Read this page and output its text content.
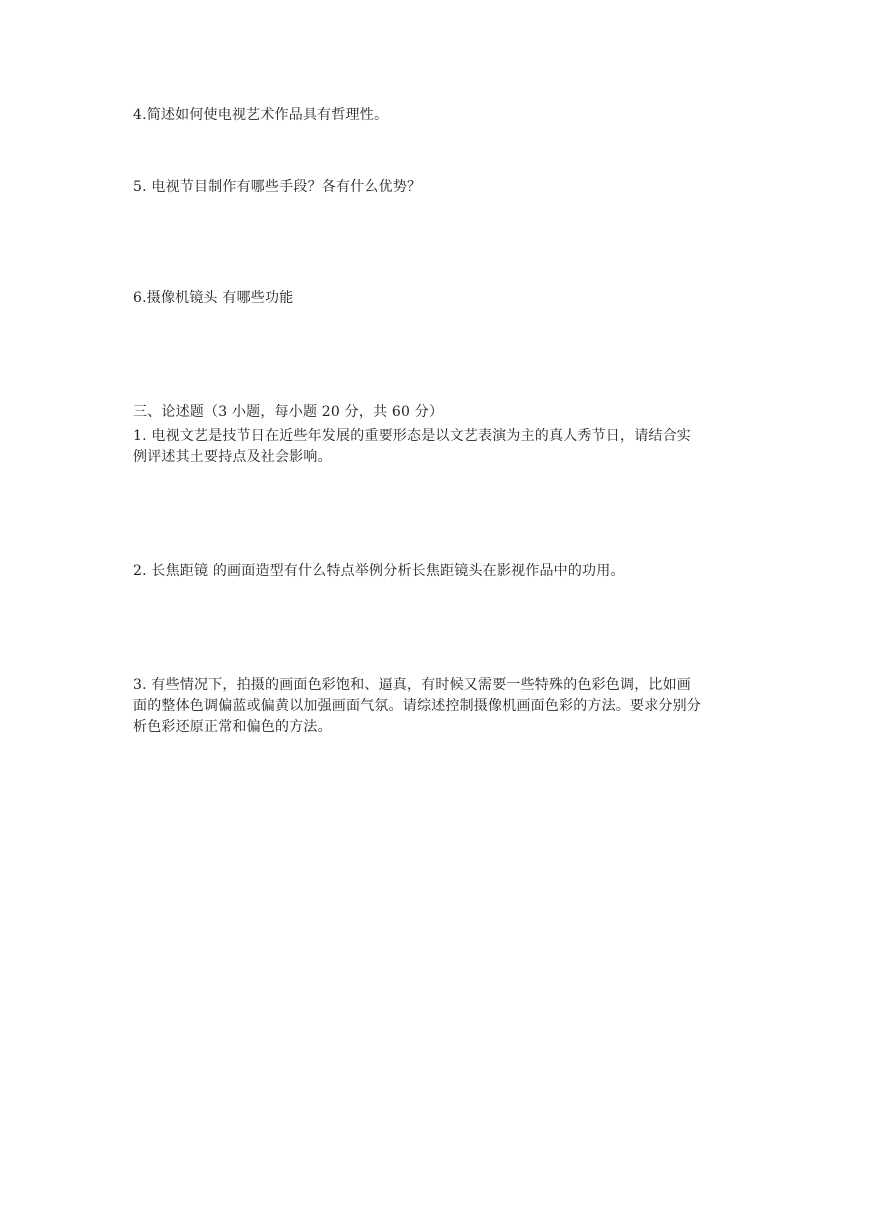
4.简述如何使电视艺术作品具有哲理性。
5. 电视节目制作有哪些手段？各有什么优势？
6.摄像机镜头 有哪些功能
三、论述题（3 小题，每小题 20 分，共 60 分）
1. 电视文艺是技节日在近些年发展的重要形态是以文艺表演为主的真人秀节日，请结合实
例评述其土要持点及社会影响。
2. 长焦距镜 的画面造型有什么特点举例分析长焦距镜头在影视作品中的功用。
3. 有些情况下，拍摄的画面色彩饱和、逼真，有时候又需要一些特殊的色彩色调，比如画
面的整体色调偏蓝或偏黄以加强画面气氛。请综述控制摄像机画面色彩的方法。要求分别分
析色彩还原正常和偏色的方法。
